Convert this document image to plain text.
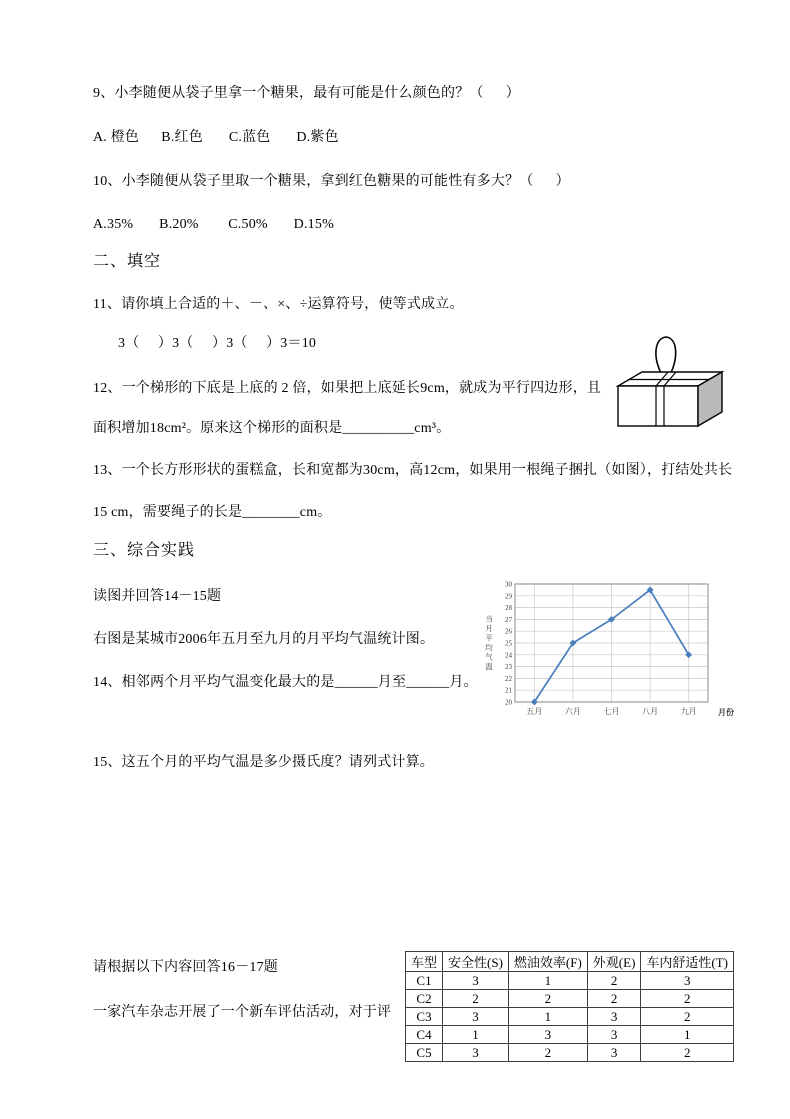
9、小李随便从袋子里拿一个糖果，最有可能是什么颜色的？（      ）
A. 橙色      B.红色       C.蓝色       D.紫色
10、小李随便从袋子里取一个糖果，拿到红色糖果的可能性有多大？（      ）
A.35%       B.20%        C.50%       D.15%
二、填空
11、请你填上合适的＋、－、×、÷运算符号，使等式成立。
3（     ）3（     ）3（     ）3＝10
12、一个梯形的下底是上底的 2 倍，如果把上底延长9cm，就成为平行四边形，且
面积增加18cm²。原来这个梯形的面积是__________cm³。
13、一个长方形形状的蛋糕盒，长和宽都为30cm，高12cm，如果用一根绳子捆扎（如图），打结处共长
15 cm，需要绳子的长是________cm。
三、综合实践
读图并回答14－15题
右图是某城市2006年五月至九月的月平均气温统计图。
14、相邻两个月平均气温变化最大的是______月至______月。
20
21
22
23
24
25
26
27
28
29
30
五月	六月	七月	八月	九月	月份
当
月
平
均
气
温
15、这五个月的平均气温是多少摄氏度？请列式计算。
请根据以下内容回答16－17题
一家汽车杂志开展了一个新车评估活动，对于评
车型	安全性(S)	燃油效率(F)	外观(E)	车内舒适性(T)
C1	3	1	2	3
C2	2	2	2	2
C3	3	1	3	2
C4	1	3	3	1
C5	3	2	3	2
